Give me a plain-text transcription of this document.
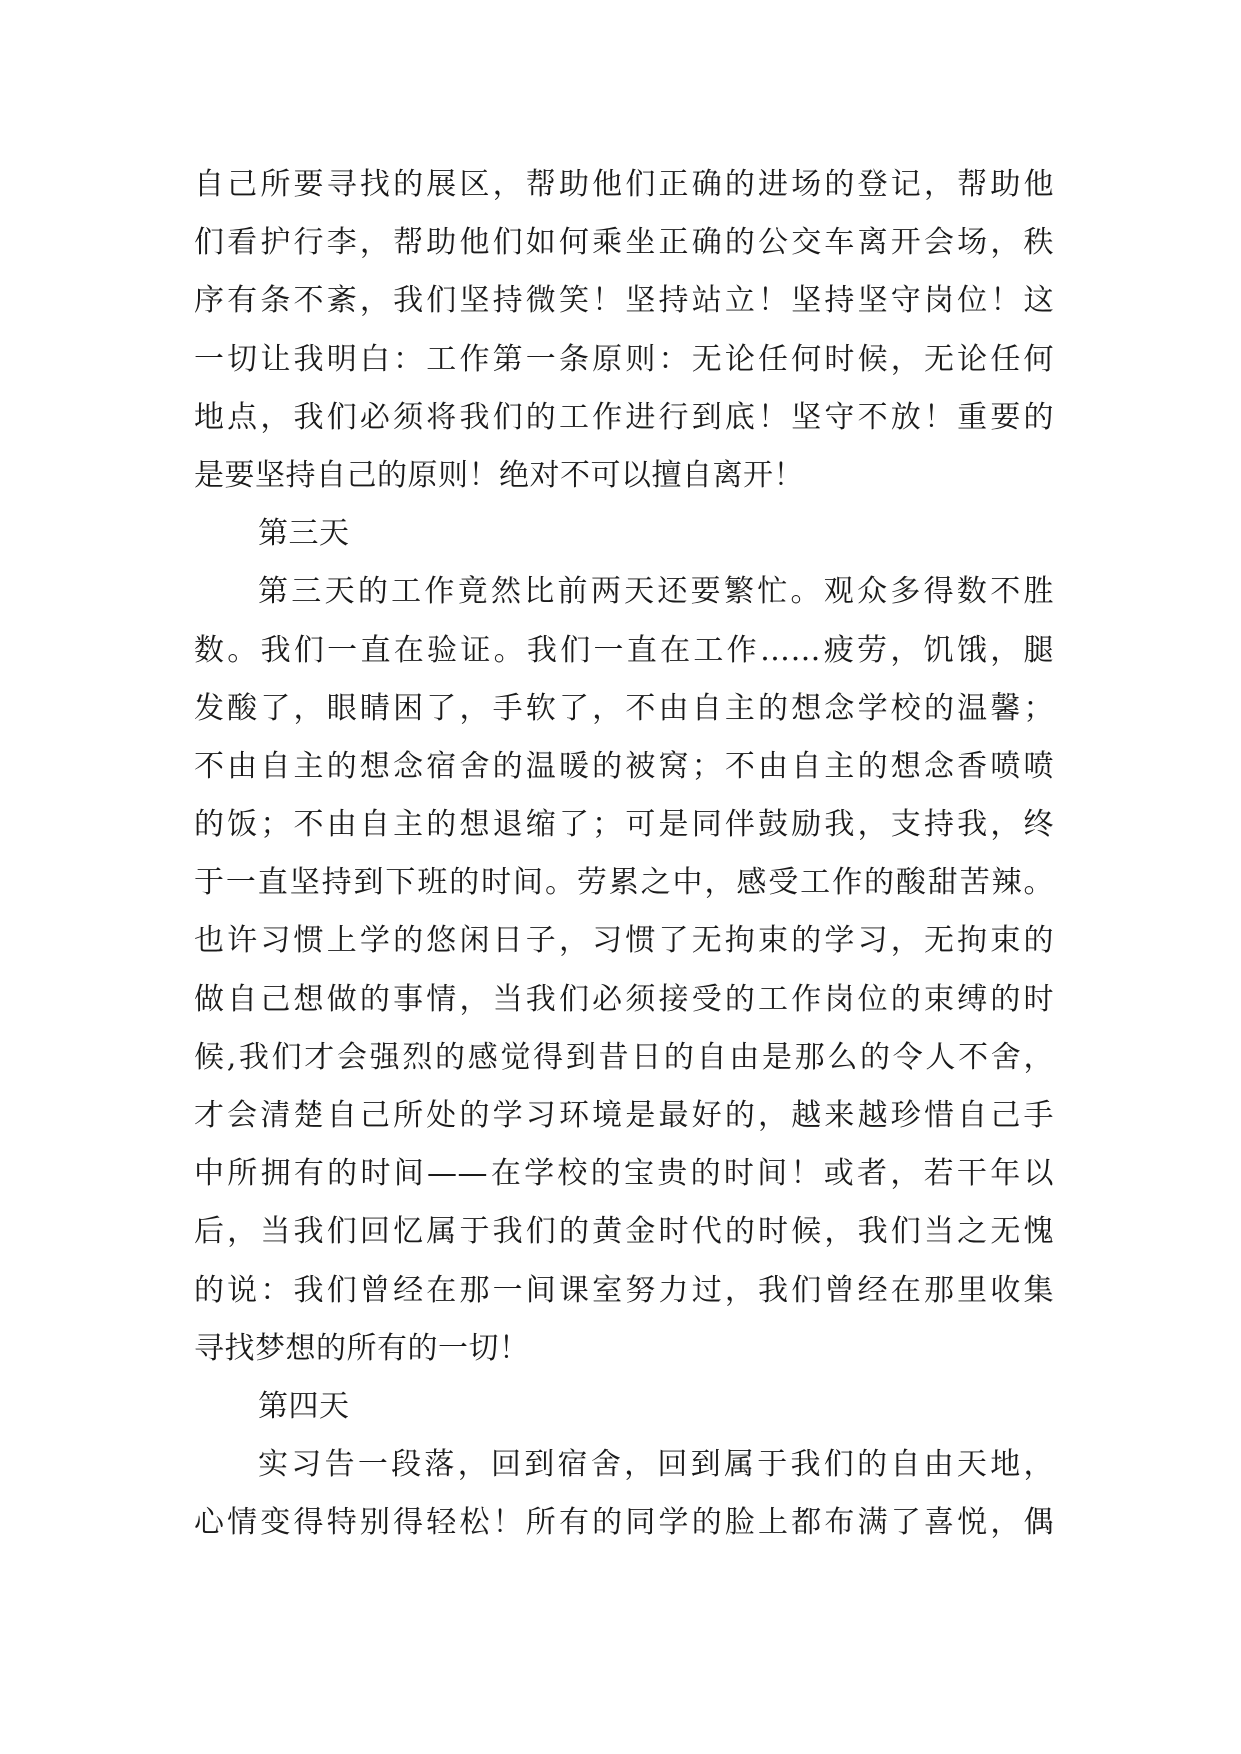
自己所要寻找的展区，帮助他们正确的进场的登记，帮助他
们看护行李，帮助他们如何乘坐正确的公交车离开会场，秩
序有条不紊，我们坚持微笑！坚持站立！坚持坚守岗位！这
一切让我明白：工作第一条原则：无论任何时候，无论任何
地点，我们必须将我们的工作进行到底！坚守不放！重要的
是要坚持自己的原则！绝对不可以擅自离开！
第三天
第三天的工作竟然比前两天还要繁忙。观众多得数不胜
数。我们一直在验证。我们一直在工作……疲劳，饥饿，腿
发酸了，眼睛困了，手软了，不由自主的想念学校的温馨；
不由自主的想念宿舍的温暖的被窝；不由自主的想念香喷喷
的饭；不由自主的想退缩了；可是同伴鼓励我，支持我，终
于一直坚持到下班的时间。劳累之中，感受工作的酸甜苦辣。
也许习惯上学的悠闲日子，习惯了无拘束的学习，无拘束的
做自己想做的事情，当我们必须接受的工作岗位的束缚的时
候,我们才会强烈的感觉得到昔日的自由是那么的令人不舍，
才会清楚自己所处的学习环境是最好的，越来越珍惜自己手
中所拥有的时间——在学校的宝贵的时间！或者，若干年以
后，当我们回忆属于我们的黄金时代的时候，我们当之无愧
的说：我们曾经在那一间课室努力过，我们曾经在那里收集
寻找梦想的所有的一切！
第四天
实习告一段落，回到宿舍，回到属于我们的自由天地，
心情变得特别得轻松！所有的同学的脸上都布满了喜悦，偶
